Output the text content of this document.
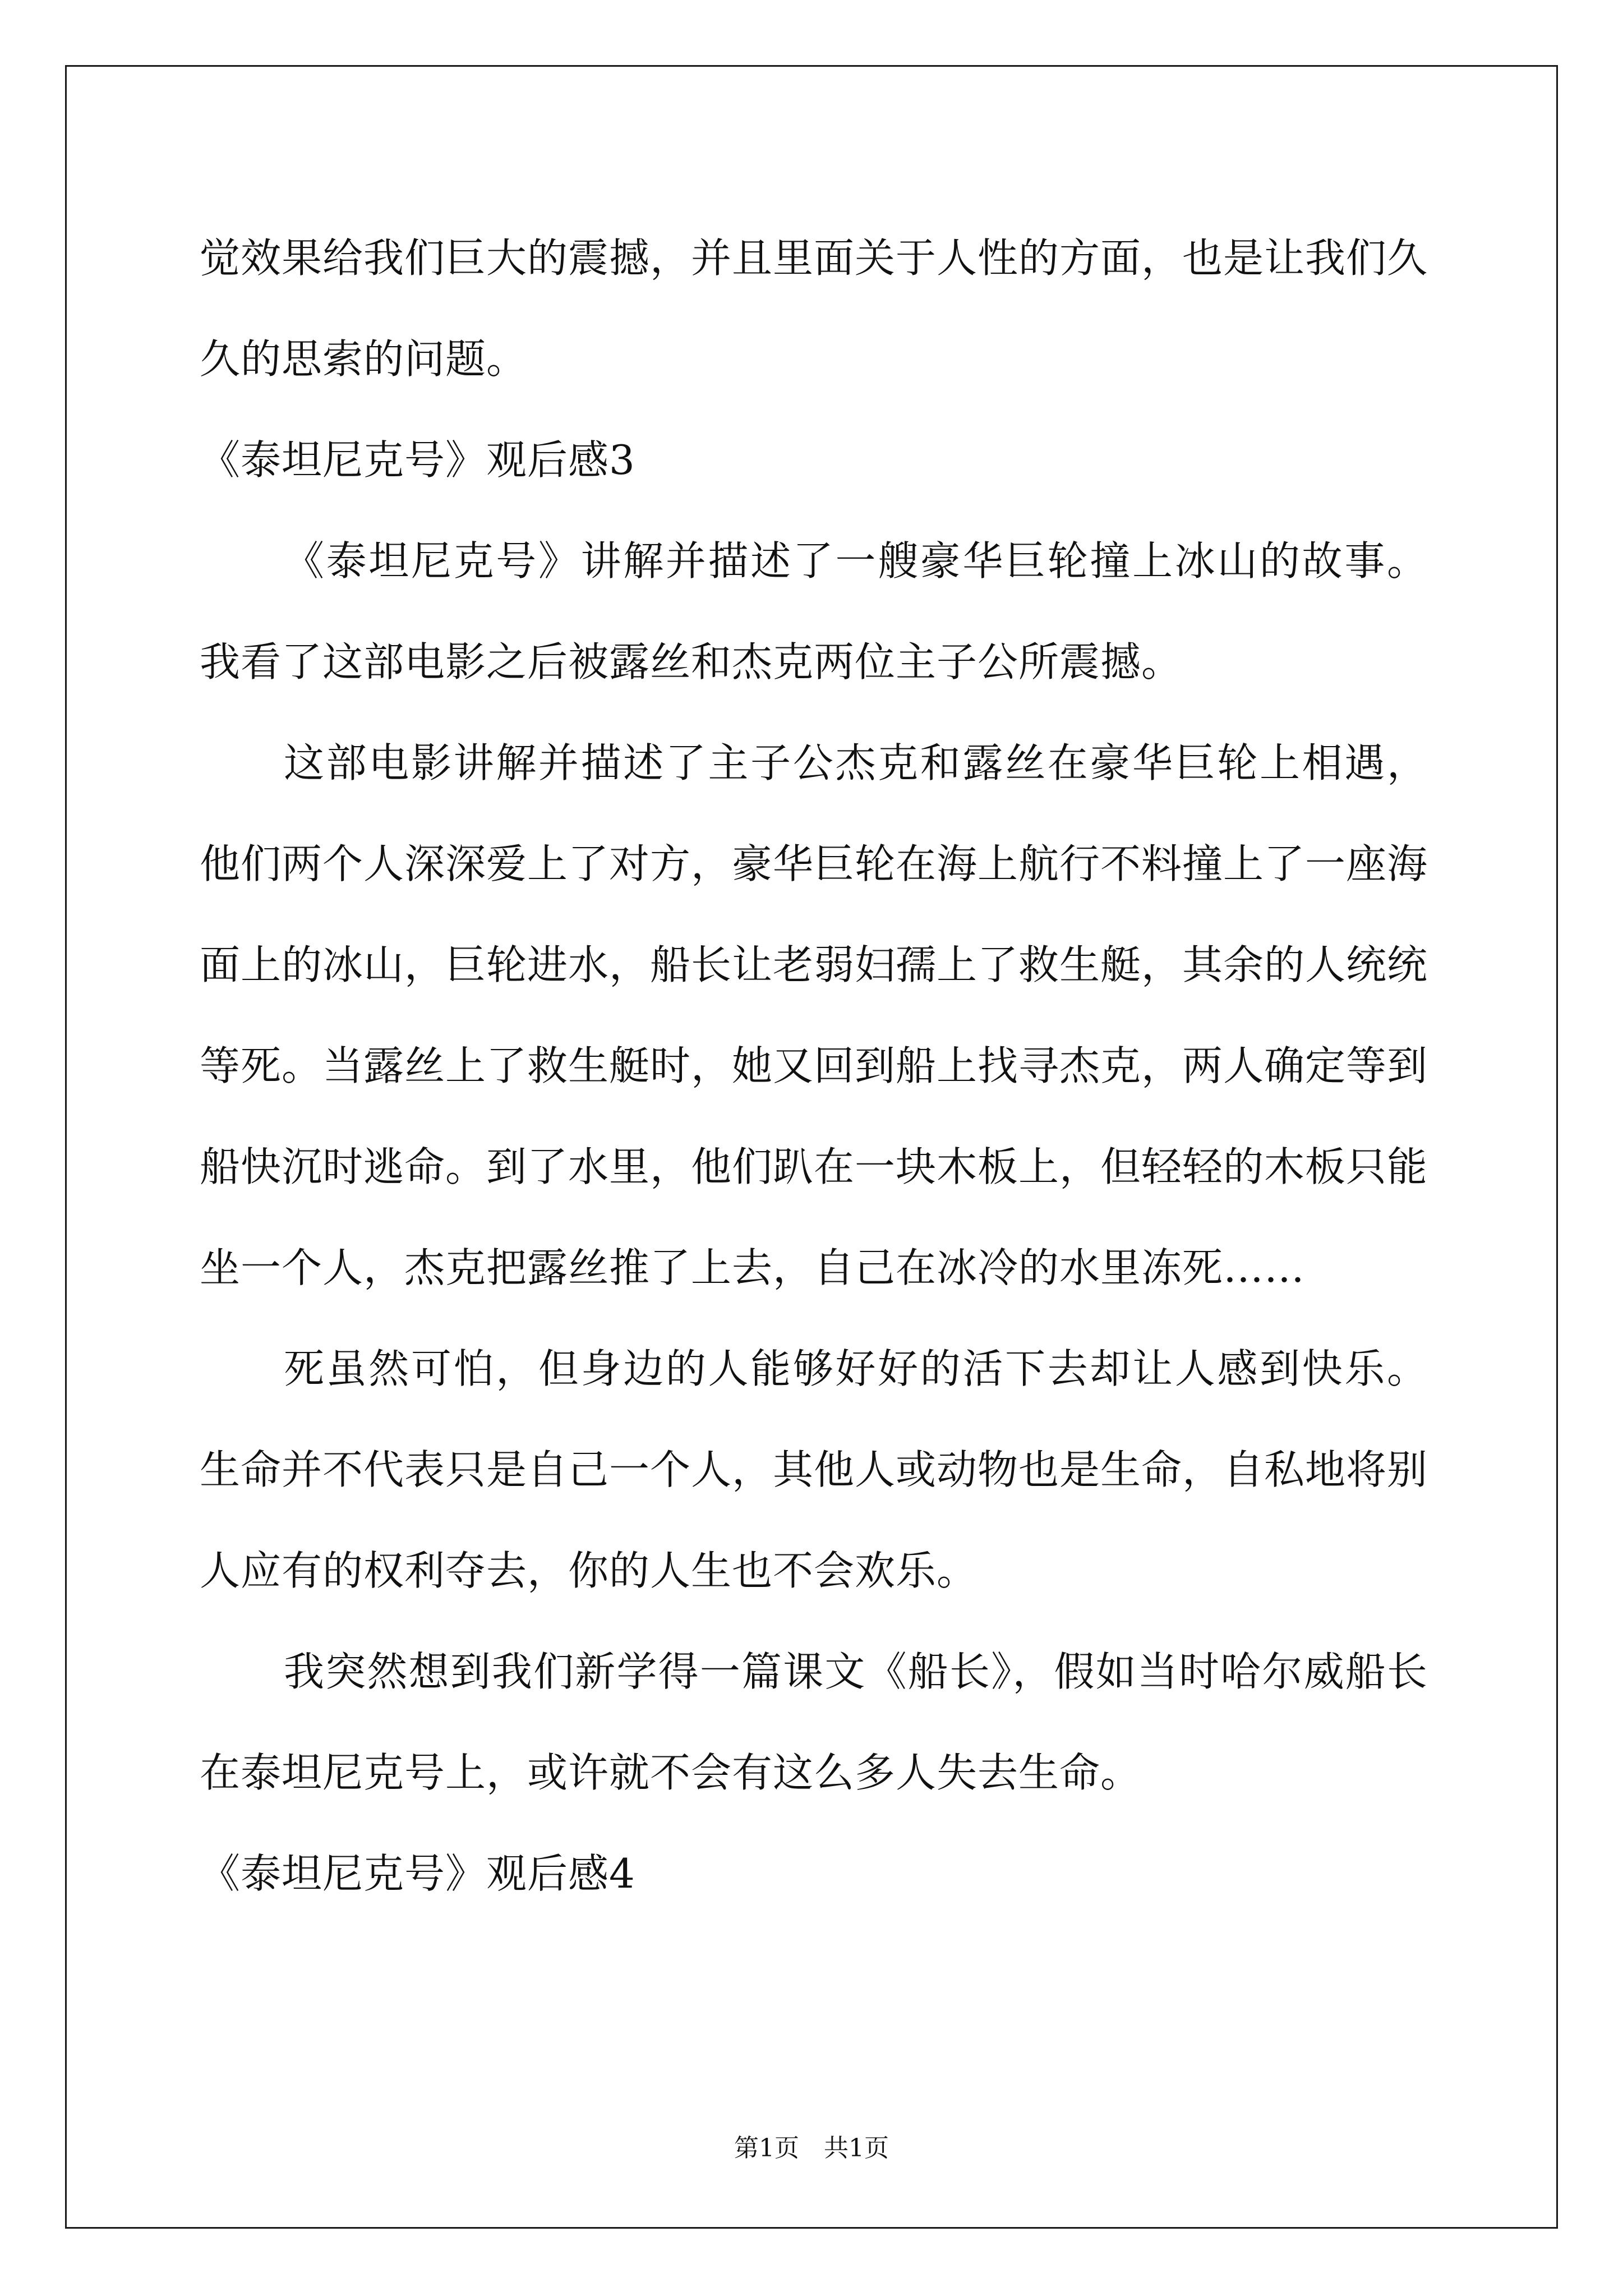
觉效果给我们巨大的震撼，并且里面关于人性的方面，也是让我们久久的思索的问题。

《泰坦尼克号》观后感3

《泰坦尼克号》讲解并描述了一艘豪华巨轮撞上冰山的故事。我看了这部电影之后被露丝和杰克两位主子公所震撼。

这部电影讲解并描述了主子公杰克和露丝在豪华巨轮上相遇，他们两个人深深爱上了对方，豪华巨轮在海上航行不料撞上了一座海面上的冰山，巨轮进水，船长让老弱妇孺上了救生艇，其余的人统统等死。当露丝上了救生艇时，她又回到船上找寻杰克，两人确定等到船快沉时逃命。到了水里，他们趴在一块木板上，但轻轻的木板只能坐一个人，杰克把露丝推了上去，自己在冰冷的水里冻死……

死虽然可怕，但身边的人能够好好的活下去却让人感到快乐。生命并不代表只是自己一个人，其他人或动物也是生命，自私地将别人应有的权利夺去，你的人生也不会欢乐。

我突然想到我们新学得一篇课文《船长》，假如当时哈尔威船长在泰坦尼克号上，或许就不会有这么多人失去生命。

《泰坦尼克号》观后感4

第1页　共1页
